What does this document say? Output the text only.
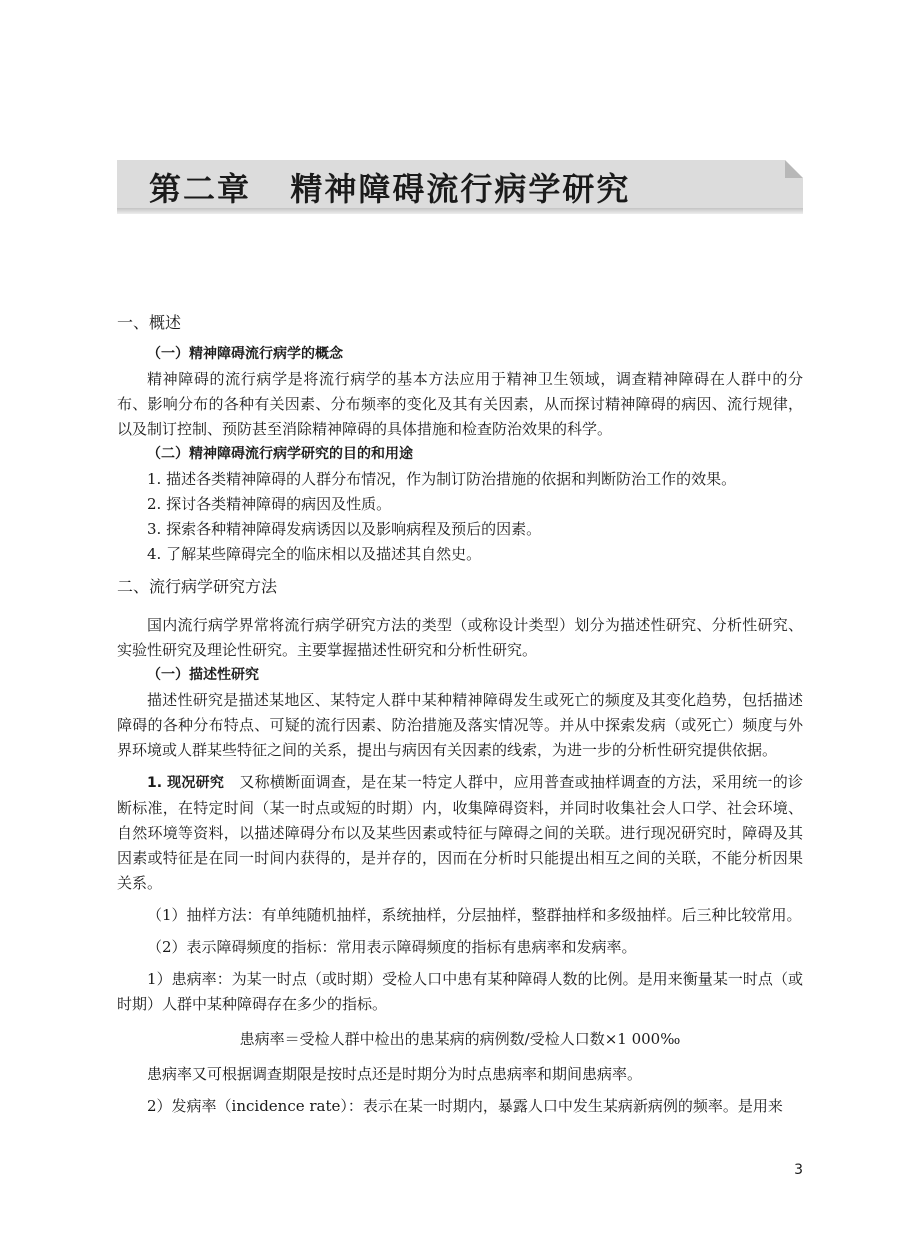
第二章   精神障碍流行病学研究
一、概述
（一）精神障碍流行病学的概念

精神障碍的流行病学是将流行病学的基本方法应用于精神卫生领域，调查精神障碍在人群中的分布、影响分布的各种有关因素、分布频率的变化及其有关因素，从而探讨精神障碍的病因、流行规律，以及制订控制、预防甚至消除精神障碍的具体措施和检查防治效果的科学。

（二）精神障碍流行病学研究的目的和用途

1. 描述各类精神障碍的人群分布情况，作为制订防治措施的依据和判断防治工作的效果。

2. 探讨各类精神障碍的病因及性质。

3. 探索各种精神障碍发病诱因以及影响病程及预后的因素。

4. 了解某些障碍完全的临床相以及描述其自然史。

二、流行病学研究方法

国内流行病学界常将流行病学研究方法的类型（或称设计类型）划分为描述性研究、分析性研究、实验性研究及理论性研究。主要掌握描述性研究和分析性研究。

（一）描述性研究

描述性研究是描述某地区、某特定人群中某种精神障碍发生或死亡的频度及其变化趋势，包括描述障碍的各种分布特点、可疑的流行因素、防治措施及落实情况等。并从中探索发病（或死亡）频度与外界环境或人群某些特征之间的关系，提出与病因有关因素的线索，为进一步的分析性研究提供依据。

1. 现况研究　又称横断面调查，是在某一特定人群中，应用普查或抽样调查的方法，采用统一的诊断标准，在特定时间（某一时点或短的时期）内，收集障碍资料，并同时收集社会人口学、社会环境、自然环境等资料，以描述障碍分布以及某些因素或特征与障碍之间的关联。进行现况研究时，障碍及其因素或特征是在同一时间内获得的，是并存的，因而在分析时只能提出相互之间的关联，不能分析因果关系。

（1）抽样方法：有单纯随机抽样，系统抽样，分层抽样，整群抽样和多级抽样。后三种比较常用。

（2）表示障碍频度的指标：常用表示障碍频度的指标有患病率和发病率。

1）患病率：为某一时点（或时期）受检人口中患有某种障碍人数的比例。是用来衡量某一时点（或时期）人群中某种障碍存在多少的指标。

患病率＝受检人群中检出的患某病的病例数/受检人口数×1 000‰

患病率又可根据调查期限是按时点还是时期分为时点患病率和期间患病率。

2）发病率（incidence rate）：表示在某一时期内，暴露人口中发生某病新病例的频率。是用来

3
